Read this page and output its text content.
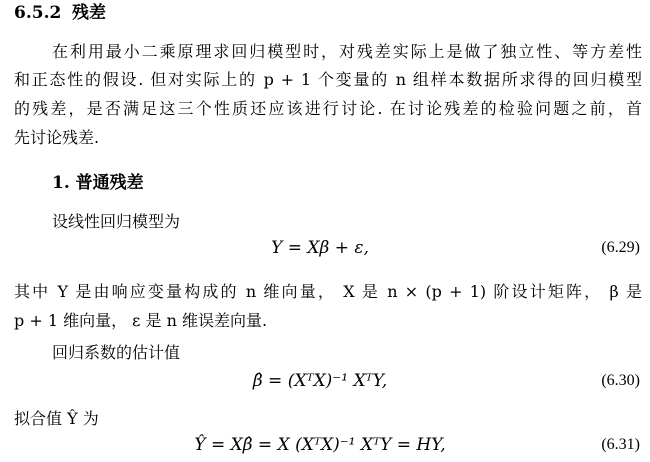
6.5.2 残差
在利用最小二乘原理求回归模型时，对残差实际上是做了独立性、等方差性
和正态性的假设. 但对实际上的 p + 1 个变量的 n 组样本数据所求得的回归模型
的残差，是否满足这三个性质还应该进行讨论. 在讨论残差的检验问题之前，首
先讨论残差.
1. 普通残差
设线性回归模型为
Y = Xβ + ε,	(6.29)
其中 Y 是由响应变量构成的 n 维向量， X 是 n × (p + 1) 阶设计矩阵， β 是
p + 1 维向量， ε 是 n 维误差向量.
回归系数的估计值
β̂ = (XᵀX)⁻¹ XᵀY,	(6.30)
拟合值 Ŷ 为
Ŷ = Xβ̂ = X (XᵀX)⁻¹ XᵀY = HY,	(6.31)
